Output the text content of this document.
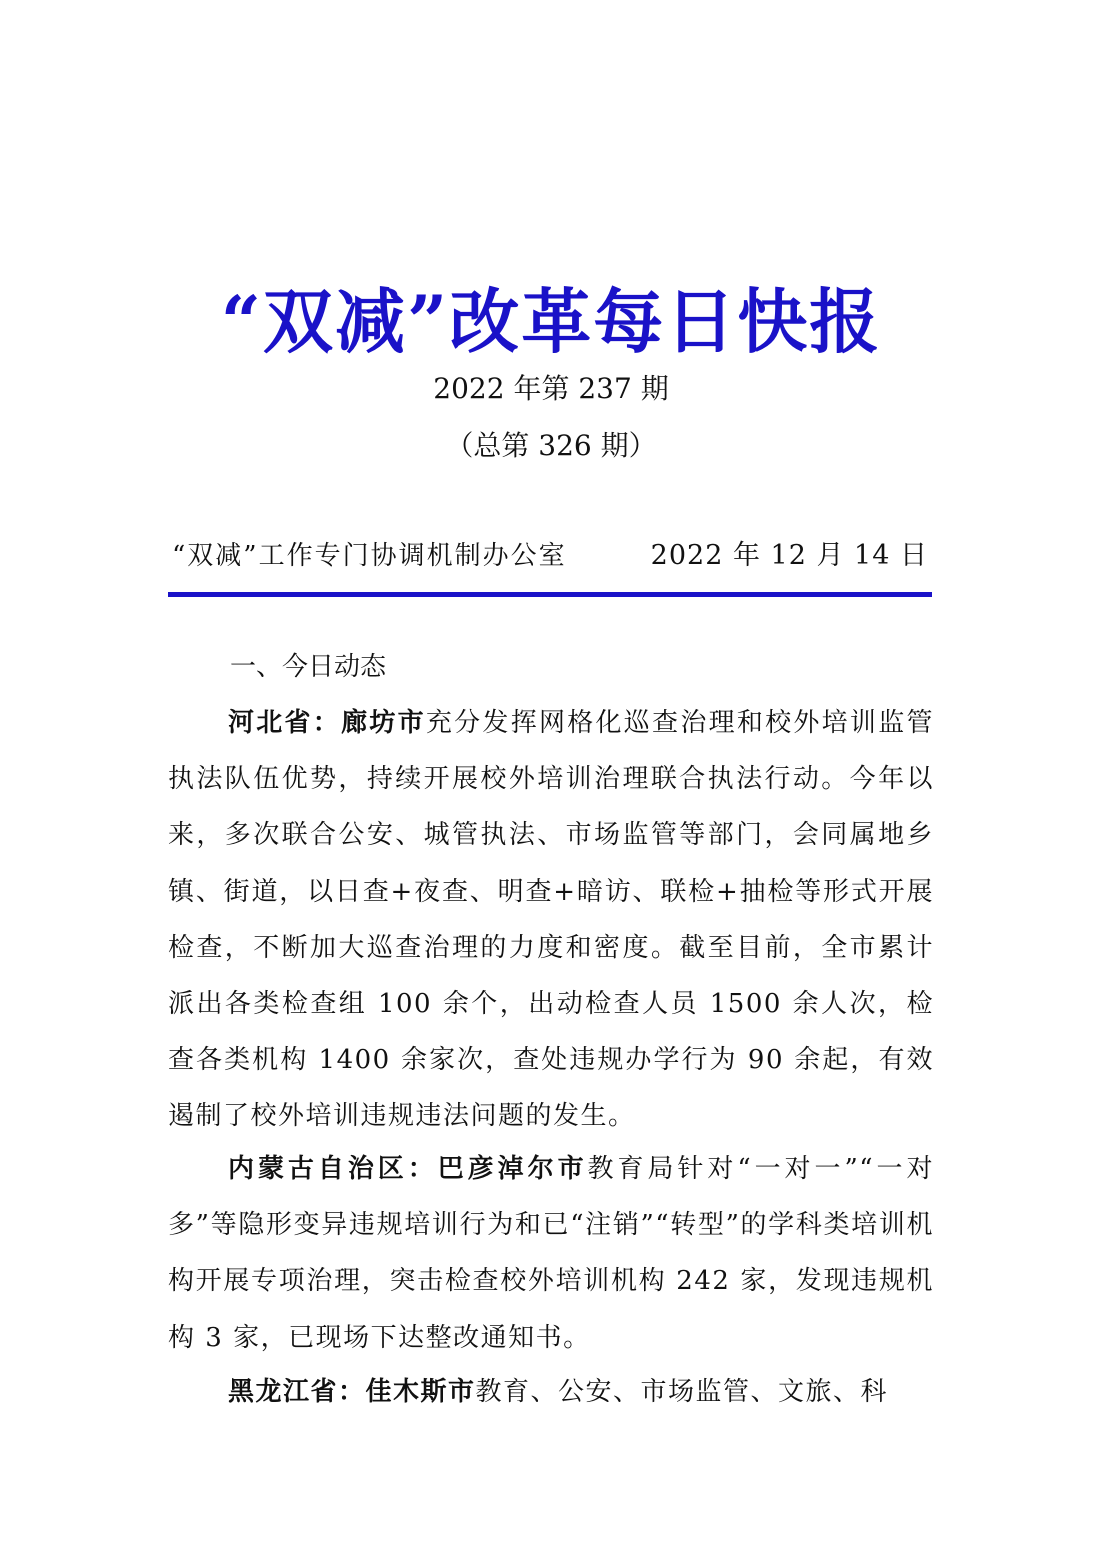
“双减”改革每日快报
2022 年第 237 期
（总第 326 期）
“双减”工作专门协调机制办公室	2022 年 12 月 14 日
一、今日动态

河北省：廊坊市充分发挥网格化巡查治理和校外培训监管执法队伍优势，持续开展校外培训治理联合执法行动。今年以来，多次联合公安、城管执法、市场监管等部门，会同属地乡镇、街道，以日查+夜查、明查+暗访、联检+抽检等形式开展检查，不断加大巡查治理的力度和密度。截至目前，全市累计派出各类检查组 100 余个，出动检查人员 1500 余人次，检查各类机构 1400 余家次，查处违规办学行为 90 余起，有效遏制了校外培训违规违法问题的发生。

内蒙古自治区：巴彦淖尔市教育局针对“一对一”“一对多”等隐形变异违规培训行为和已“注销”“转型”的学科类培训机构开展专项治理，突击检查校外培训机构 242 家，发现违规机构 3 家，已现场下达整改通知书。

黑龙江省：佳木斯市教育、公安、市场监管、文旅、科
